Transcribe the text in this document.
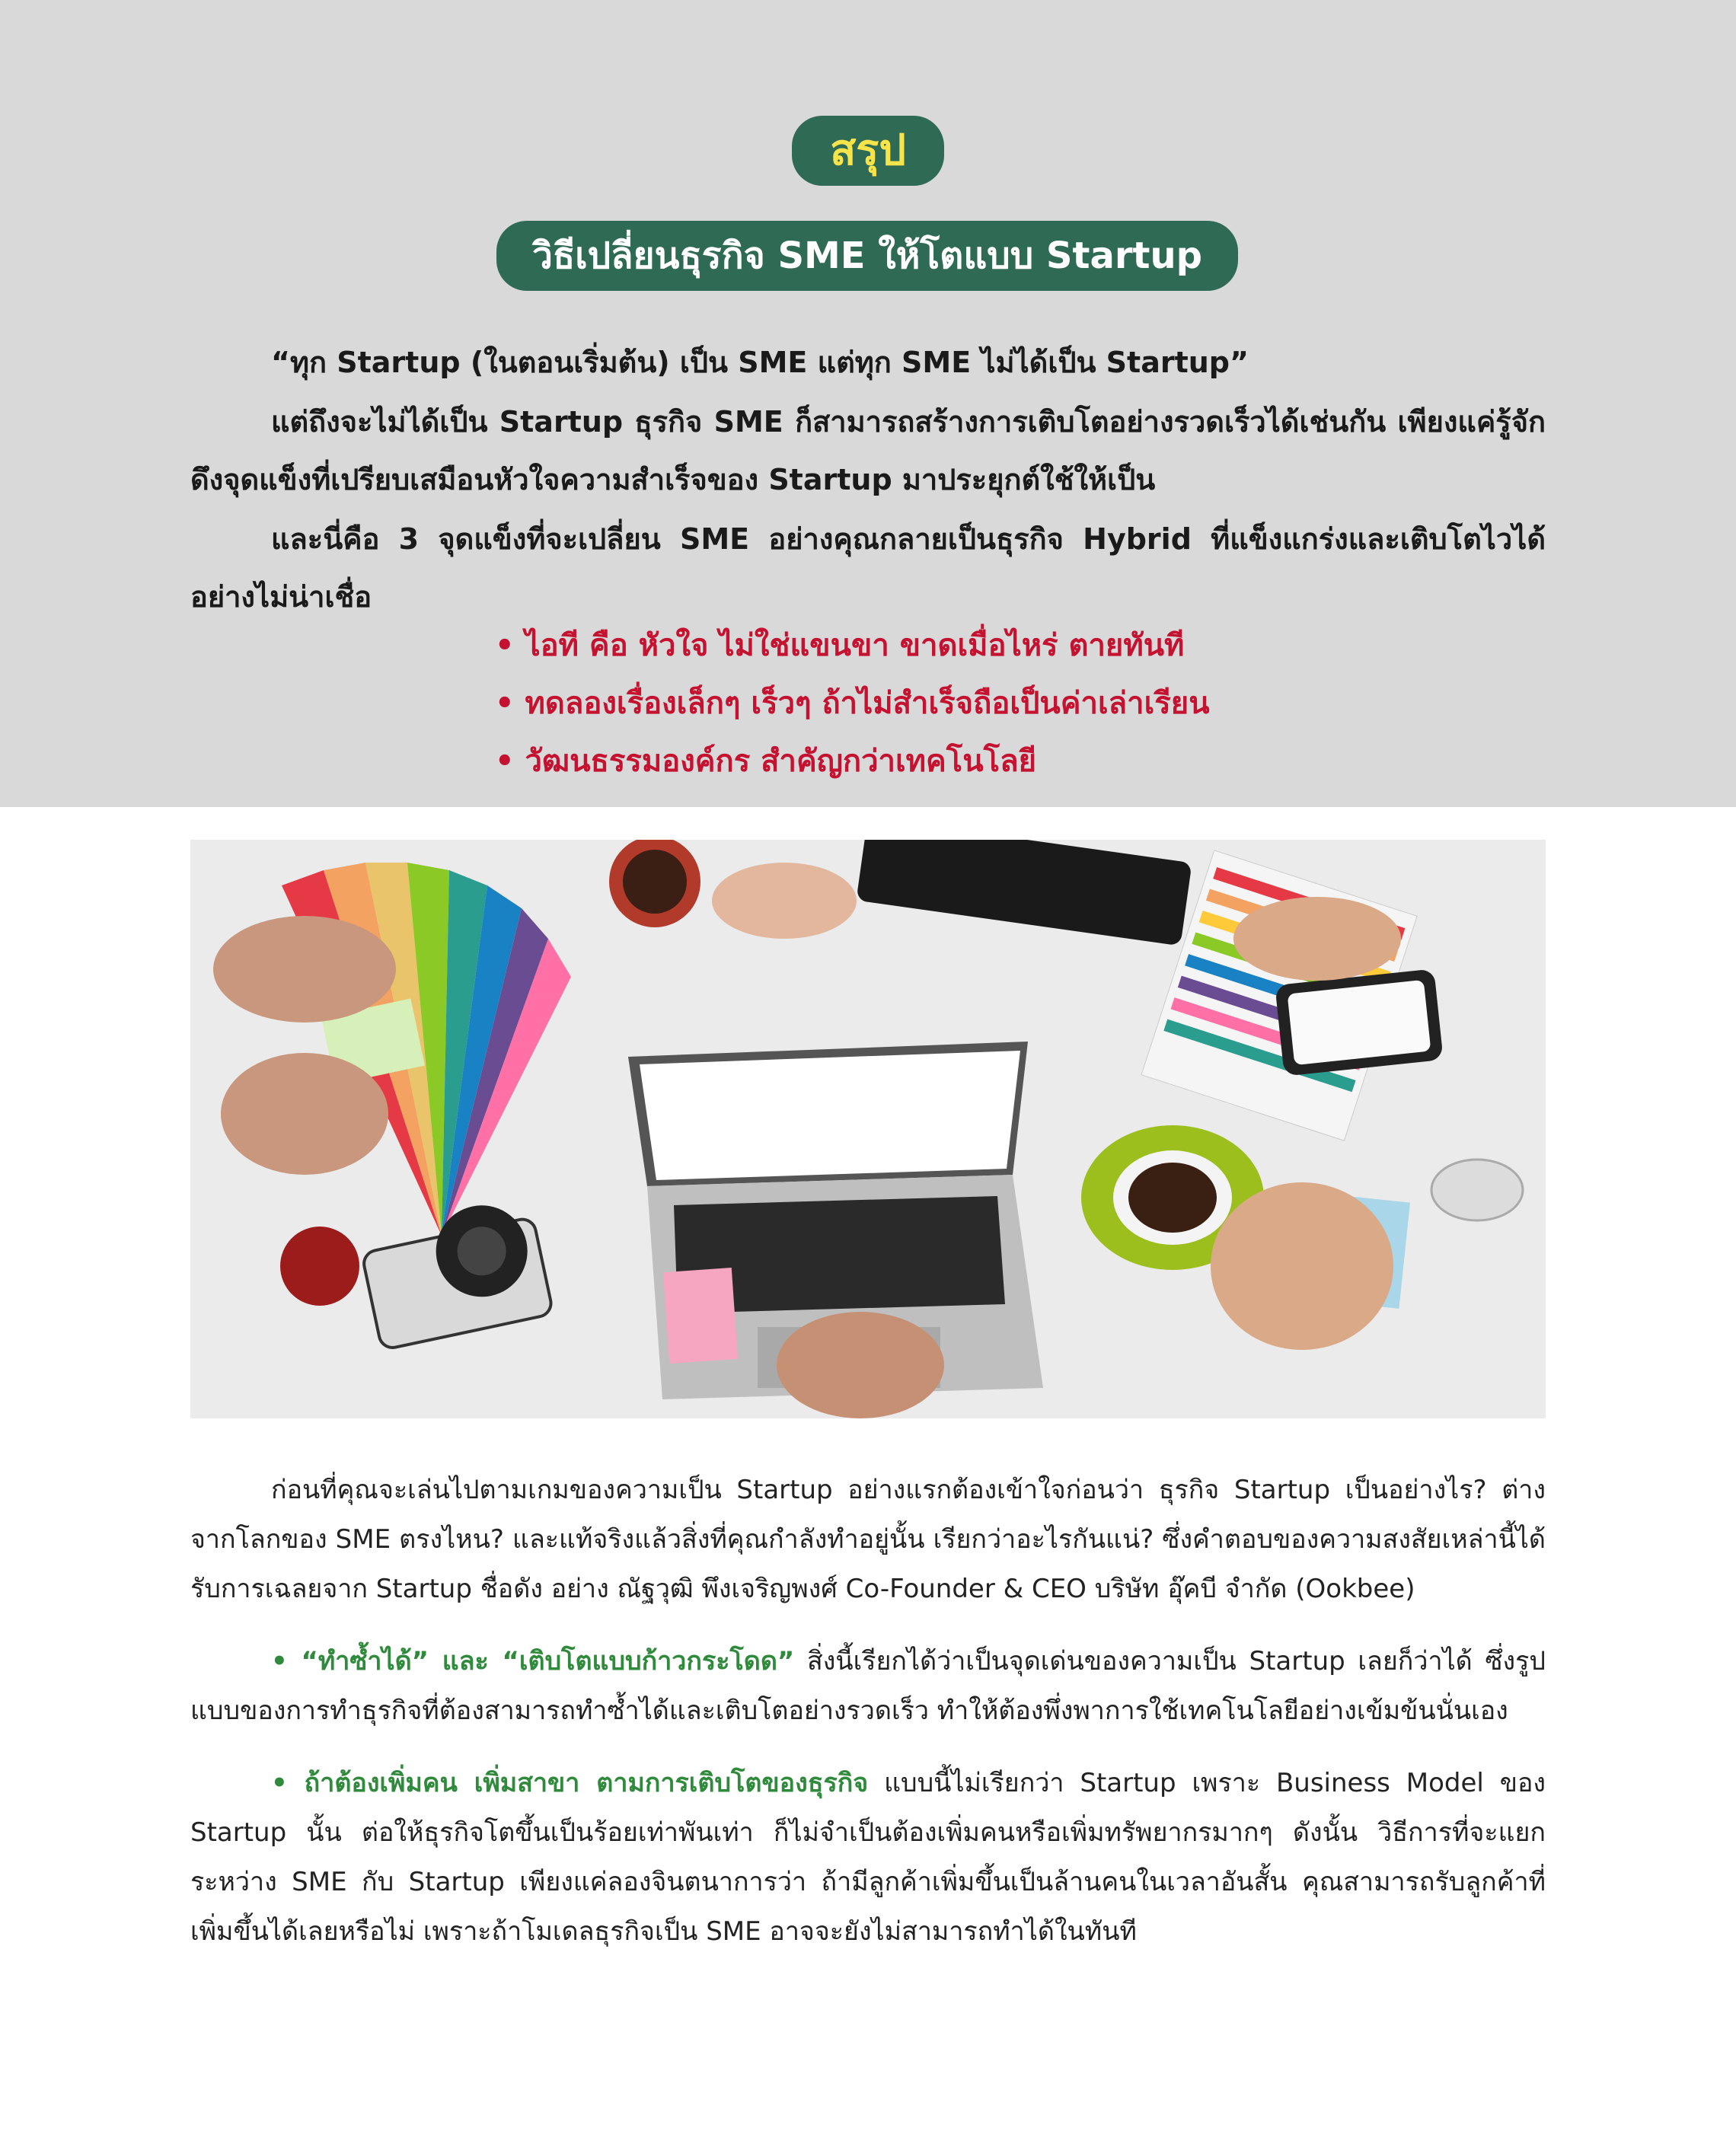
สรุป
วิธีเปลี่ยนธุรกิจ SME ให้โตแบบ Startup

“ทุก Startup (ในตอนเริ่มต้น) เป็น SME แต่ทุก SME ไม่ได้เป็น Startup”

แต่ถึงจะไม่ได้เป็น Startup ธุรกิจ SME ก็สามารถสร้างการเติบโตอย่างรวดเร็วได้เช่นกัน เพียงแค่รู้จักดึงจุดแข็งที่เปรียบเสมือนหัวใจความสำเร็จของ Startup มาประยุกต์ใช้ให้เป็น

และนี่คือ 3 จุดแข็งที่จะเปลี่ยน SME อย่างคุณกลายเป็นธุรกิจ Hybrid ที่แข็งแกร่งและเติบโตไวได้อย่างไม่น่าเชื่อ

• ไอที คือ หัวใจ ไม่ใช่แขนขา ขาดเมื่อไหร่ ตายทันที
• ทดลองเรื่องเล็กๆ เร็วๆ ถ้าไม่สำเร็จถือเป็นค่าเล่าเรียน
• วัฒนธรรมองค์กร สำคัญกว่าเทคโนโลยี

ก่อนที่คุณจะเล่นไปตามเกมของความเป็น Startup อย่างแรกต้องเข้าใจก่อนว่า ธุรกิจ Startup เป็นอย่างไร? ต่างจากโลกของ SME ตรงไหน? และแท้จริงแล้วสิ่งที่คุณกำลังทำอยู่นั้น เรียกว่าอะไรกันแน่? ซึ่งคำตอบของความสงสัยเหล่านี้ได้รับการเฉลยจาก Startup ชื่อดัง อย่าง ณัฐวุฒิ พึงเจริญพงศ์ Co-Founder & CEO บริษัท อุ๊คบี จำกัด (Ookbee)

• “ทำซ้ำได้” และ “เติบโตแบบก้าวกระโดด” สิ่งนี้เรียกได้ว่าเป็นจุดเด่นของความเป็น Startup เลยก็ว่าได้ ซึ่งรูปแบบของการทำธุรกิจที่ต้องสามารถทำซ้ำได้และเติบโตอย่างรวดเร็ว ทำให้ต้องพึ่งพาการใช้เทคโนโลยีอย่างเข้มข้นนั่นเอง

• ถ้าต้องเพิ่มคน เพิ่มสาขา ตามการเติบโตของธุรกิจ แบบนี้ไม่เรียกว่า Startup เพราะ Business Model ของ Startup นั้น ต่อให้ธุรกิจโตขึ้นเป็นร้อยเท่าพันเท่า ก็ไม่จำเป็นต้องเพิ่มคนหรือเพิ่มทรัพยากรมากๆ ดังนั้น วิธีการที่จะแยกระหว่าง SME กับ Startup เพียงแค่ลองจินตนาการว่า ถ้ามีลูกค้าเพิ่มขึ้นเป็นล้านคนในเวลาอันสั้น คุณสามารถรับลูกค้าที่เพิ่มขึ้นได้เลยหรือไม่ เพราะถ้าโมเดลธุรกิจเป็น SME อาจจะยังไม่สามารถทำได้ในทันที
